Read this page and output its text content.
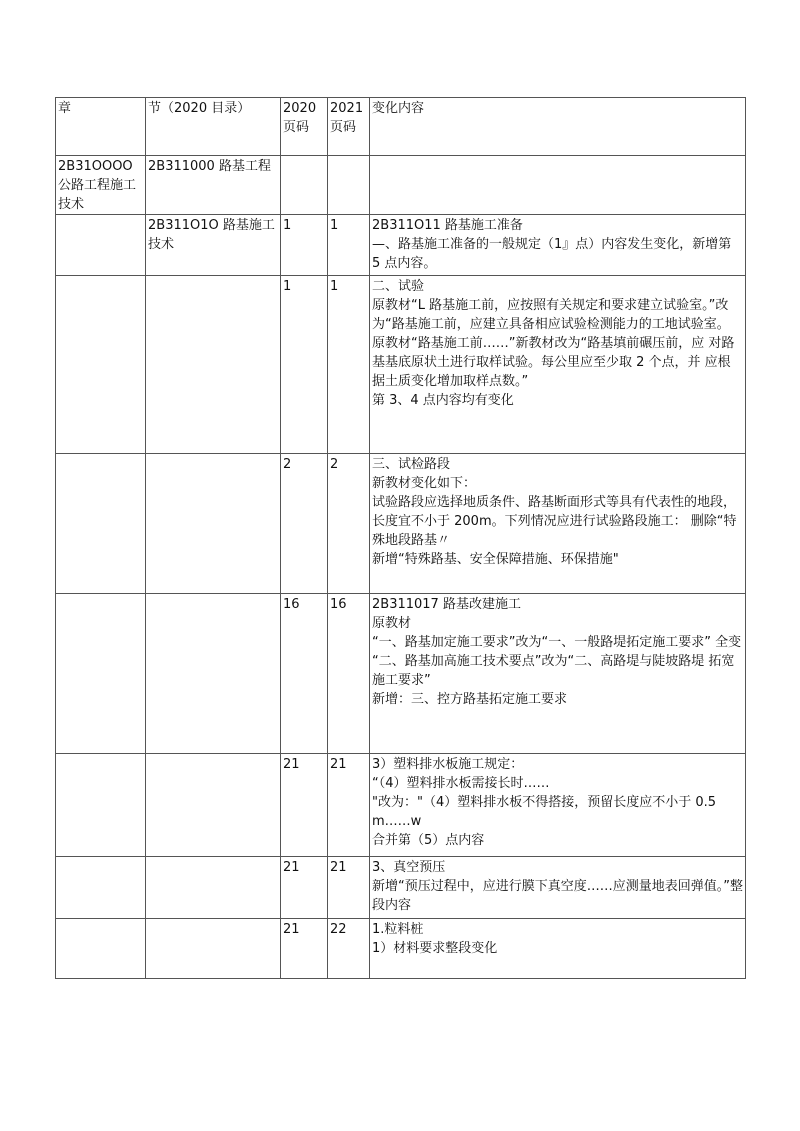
章	节（2020 目录）	2020 页码	2021 页码	变化内容
2B31OOOO 公路工程施工技术	2B311000 路基工程			
	2B311O1O 路基施工技术	1	1	2B311O11 路基施工准备
—、路基施工准备的一般规定（1』点）内容发生变化，新增第 5 点内容。

		1	1	二、试验
原教材“L 路基施工前，应按照有关规定和要求建立试验室。”改为“路基施工前，应建立具备相应试验检测能力的工地试验室。
原教材“路基施工前……”新教材改为“路基填前碾压前，应 对路基基底原状土进行取样试验。每公里应至少取 2 个点，并 应根据土质变化增加取样点数。”
第 3、4 点内容均有变化

		2	2	三、试检路段
新教材变化如下：
试验路段应选择地质条件、路基断面形式等具有代表性的地段，长度宜不小于 200m。下列情况应进行试验路段施工： 删除“特殊地段路基〃
新增“特殊路基、安全保障措施、环保措施"

		16	16	2B311017 路基改建施工
原教材
“一、路基加定施工要求”改为“一、一般路堤拓定施工要求” 全变
“二、路基加高施工技术要点”改为“二、高路堤与陡坡路堤 拓宽施工要求”
新增：三、控方路基拓定施工要求

		21	21	3）塑料排水板施工规定：
“（4）塑料排水板需接长时……
"改为："（4）塑料排水板不得搭接，预留长度应不小于 0.5m……w
合并第（5）点内容

		21	21	3、真空预压
新增“预压过程中，应进行膜下真空度……应测量地表回弹值。”整段内容

		21	22	1.粒料桩
1）材料要求整段变化
